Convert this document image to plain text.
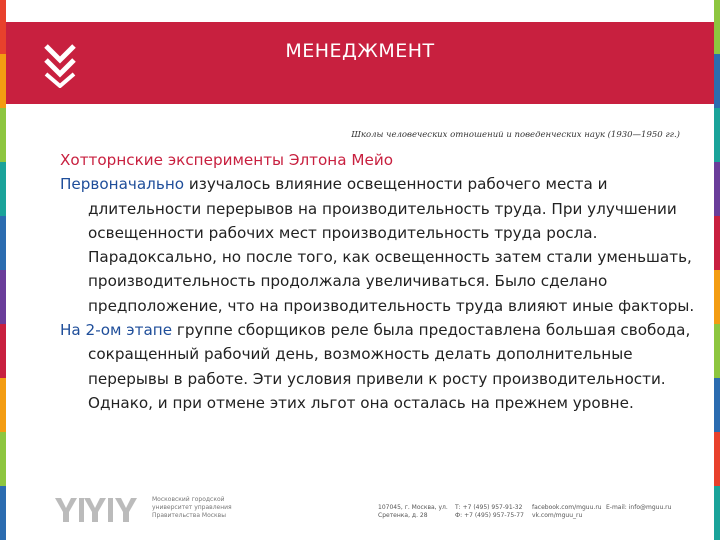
МЕНЕДЖМЕНТ
Школы человеческих отношений и поведенческих наук (1930—1950 гг.)
Хотторнские эксперименты Элтона Мейо
Первоначально изучалось влияние освещенности рабочего места и длительности перерывов на производительность труда. При улучшении освещенности рабочих мест производительность труда росла. Парадоксально, но после того, как освещенность затем стали уменьшать, производительность продолжала увеличиваться. Было сделано предположение, что на производительность труда влияют иные факторы.
На 2-ом этапе группе сборщиков реле была предоставлена большая свобода, сокращенный рабочий день, возможность делать дополнительные перерывы в работе. Эти условия привели к росту производительности. Однако, и при отмене этих льгот она осталась на прежнем уровне.
Московский городской университет управления Правительства Москвы
107045, г. Москва, ул. Сретенка, д. 28
Т: +7 (495) 957-91-32 Ф: +7 (495) 957-75-77
facebook.com/mguu.ru vk.com/mguu_ru
E-mail: info@mguu.ru
